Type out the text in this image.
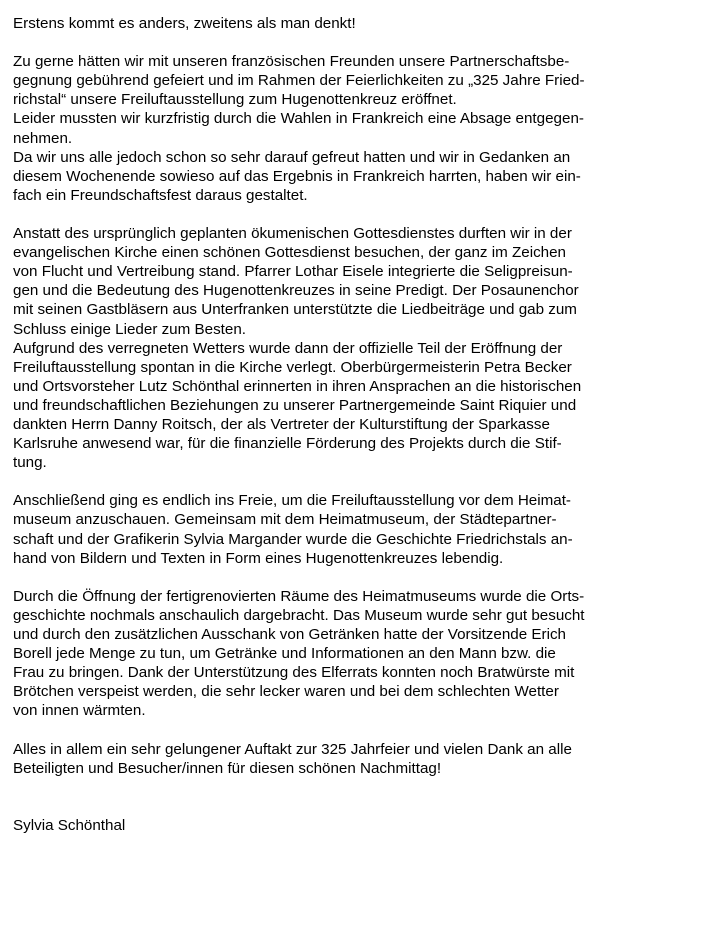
Erstens kommt es anders, zweitens als man denkt!
Zu gerne hätten wir mit unseren französischen Freunden unsere Partnerschaftsbe-
gegnung gebührend gefeiert und im Rahmen der Feierlichkeiten zu „325 Jahre Fried-
richstal“ unsere Freiluftausstellung zum Hugenottenkreuz eröffnet.
Leider mussten wir kurzfristig durch die Wahlen in Frankreich eine Absage entgegen-
nehmen.
Da wir uns alle jedoch schon so sehr darauf gefreut hatten und wir in Gedanken an
diesem Wochenende sowieso auf das Ergebnis in Frankreich harrten, haben wir ein-
fach ein Freundschaftsfest daraus gestaltet.
Anstatt des ursprünglich geplanten ökumenischen Gottesdienstes durften wir in der
evangelischen Kirche einen schönen Gottesdienst besuchen, der ganz im Zeichen
von Flucht und Vertreibung stand. Pfarrer Lothar Eisele integrierte die Seligpreisun-
gen und die Bedeutung des Hugenottenkreuzes in seine Predigt. Der Posaunenchor
mit seinen Gastbläsern aus Unterfranken unterstützte die Liedbeiträge und gab zum
Schluss einige Lieder zum Besten.
Aufgrund des verregneten Wetters wurde dann der offizielle Teil der Eröffnung der
Freiluftausstellung spontan in die Kirche verlegt. Oberbürgermeisterin Petra Becker
und Ortsvorsteher Lutz Schönthal erinnerten in ihren Ansprachen an die historischen
und freundschaftlichen Beziehungen zu unserer Partnergemeinde Saint Riquier und
dankten Herrn Danny Roitsch, der als Vertreter der Kulturstiftung der Sparkasse
Karlsruhe anwesend war, für die finanzielle Förderung des Projekts durch die Stif-
tung.
Anschließend ging es endlich ins Freie, um die Freiluftausstellung vor dem Heimat-
museum anzuschauen. Gemeinsam mit dem Heimatmuseum, der Städtepartner-
schaft und der Grafikerin Sylvia Margander wurde die Geschichte Friedrichstals an-
hand von Bildern und Texten in Form eines Hugenottenkreuzes lebendig.
Durch die Öffnung der fertigrenovierten Räume des Heimatmuseums wurde die Orts-
geschichte nochmals anschaulich dargebracht. Das Museum wurde sehr gut besucht
und durch den zusätzlichen Ausschank von Getränken hatte der Vorsitzende Erich
Borell jede Menge zu tun, um Getränke und Informationen an den Mann bzw. die
Frau zu bringen. Dank der Unterstützung des Elferrats konnten noch Bratwürste mit
Brötchen verspeist werden, die sehr lecker waren und bei dem schlechten Wetter
von innen wärmten.
Alles in allem ein sehr gelungener Auftakt zur 325 Jahrfeier und vielen Dank an alle
Beteiligten und Besucher/innen für diesen schönen Nachmittag!
Sylvia Schönthal
